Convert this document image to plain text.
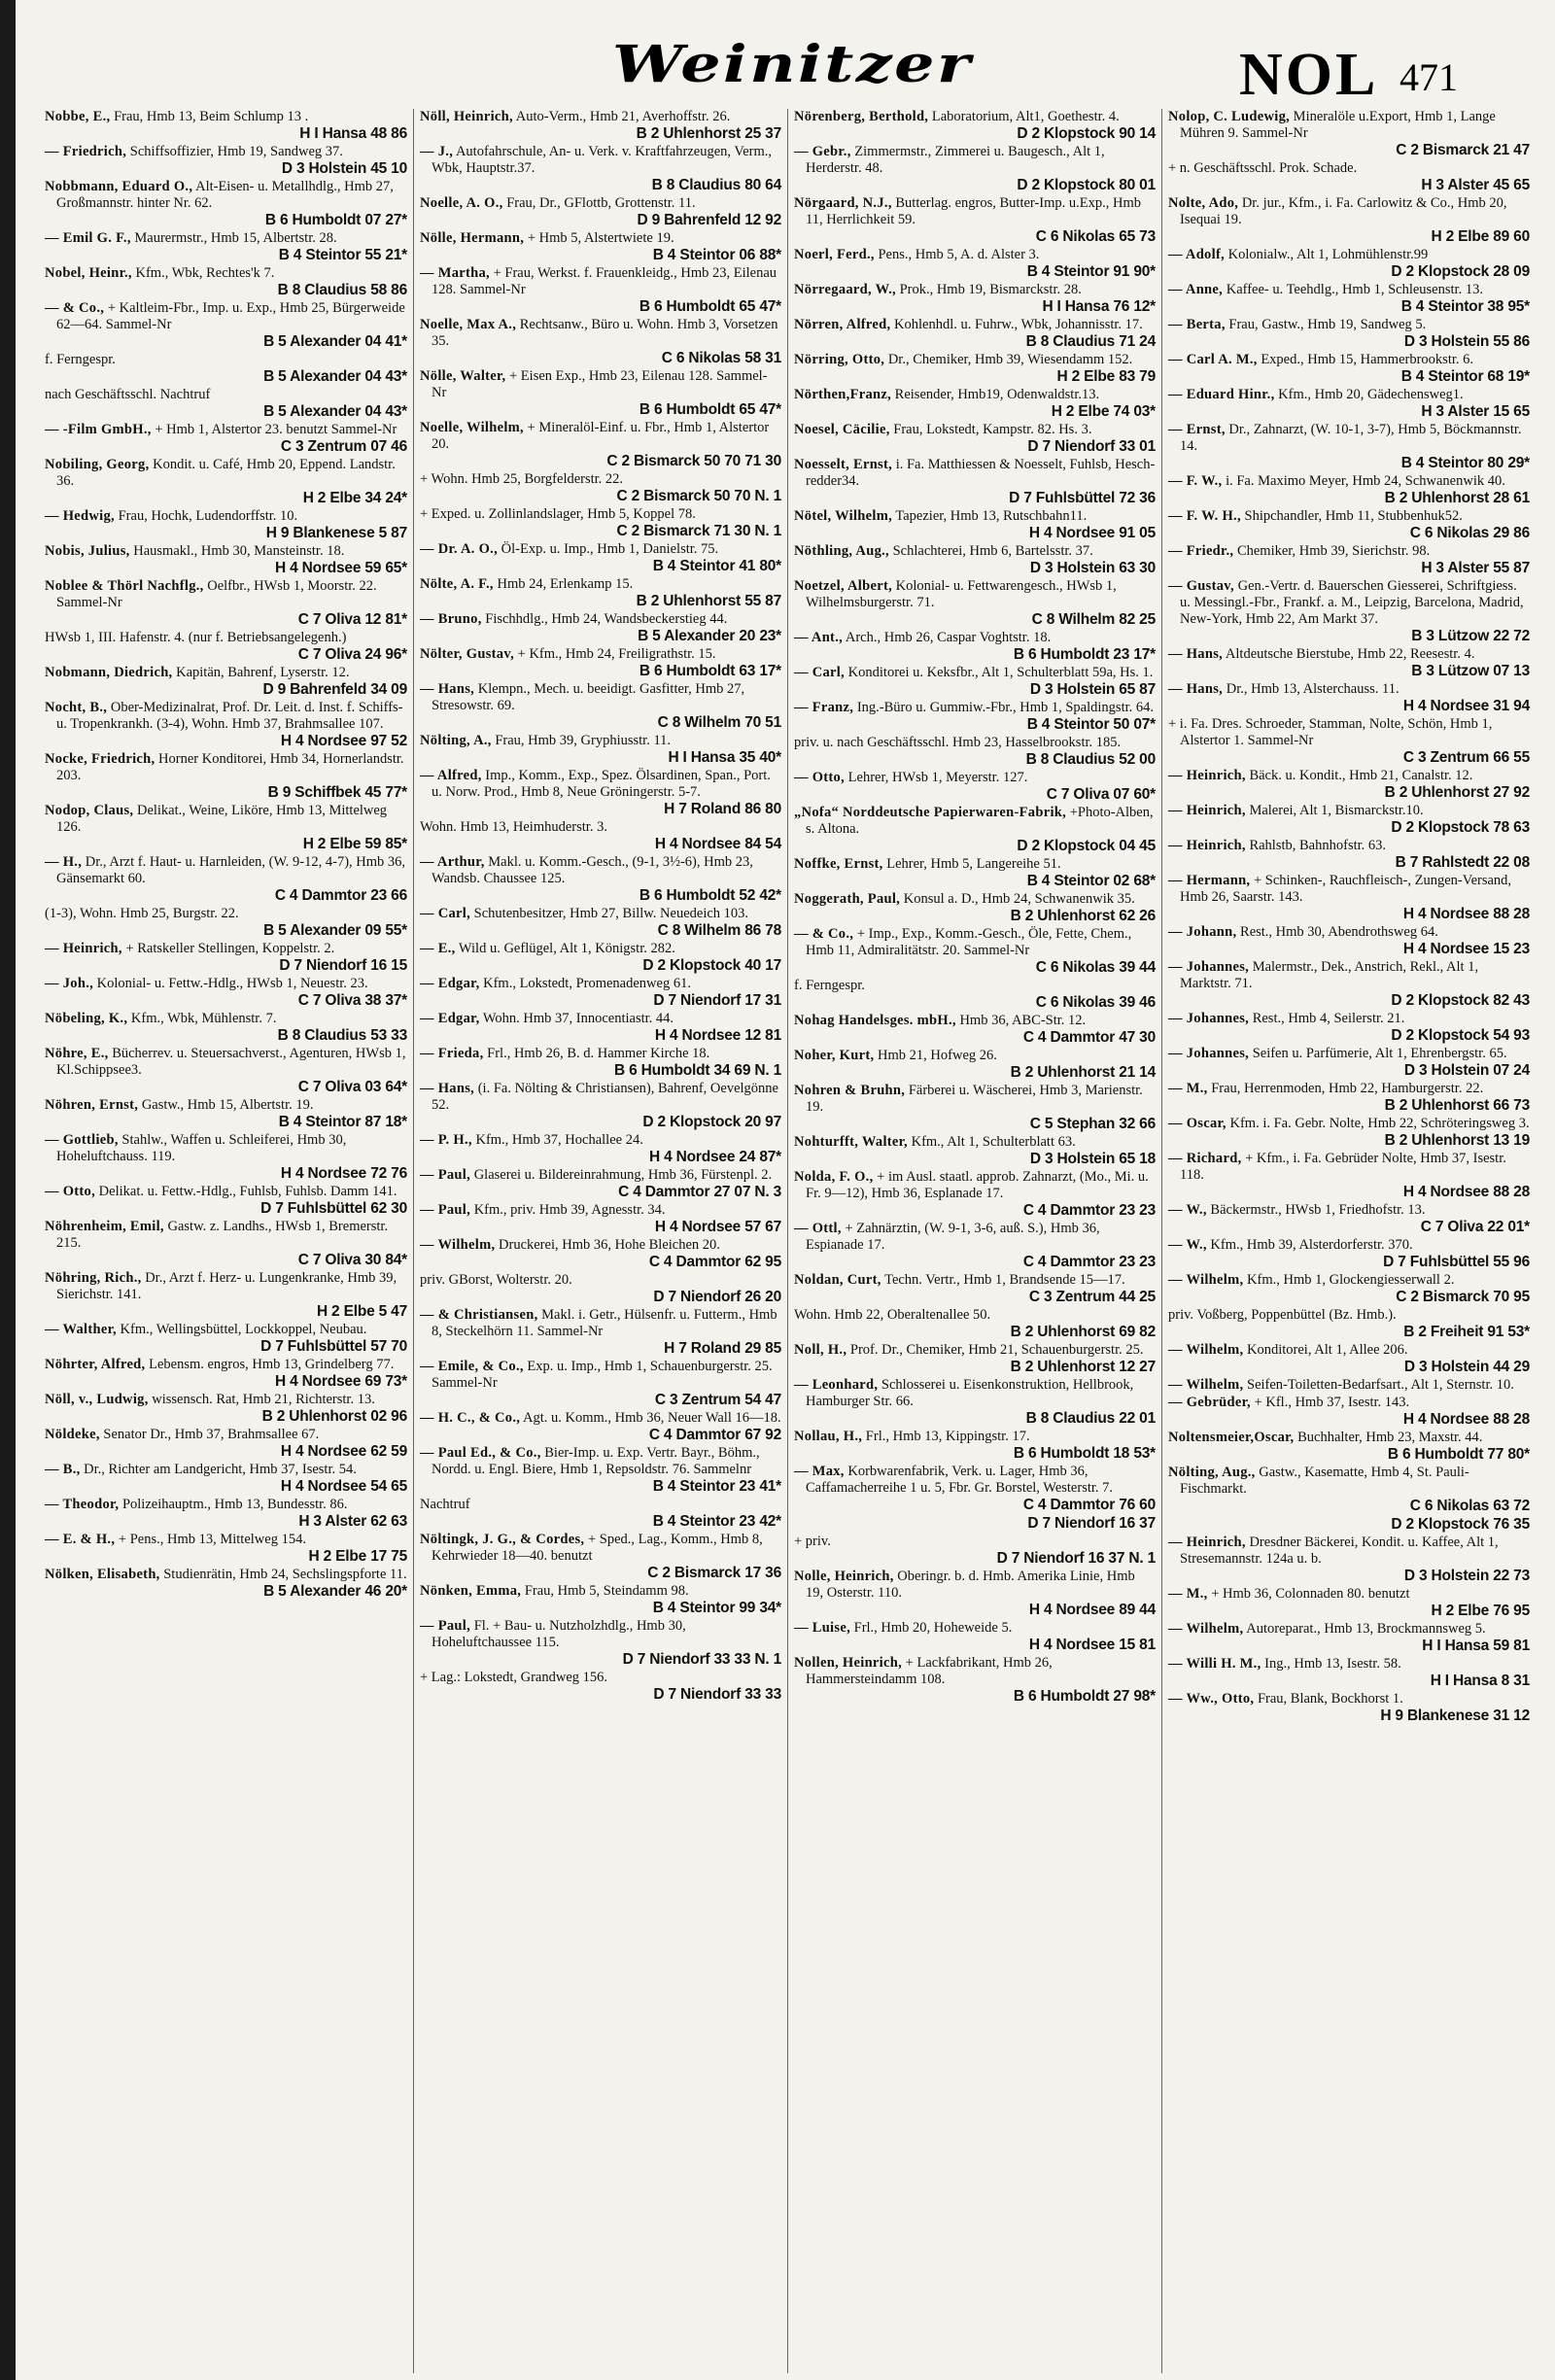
Weinitzer	NOL 471
Nobbe, E., Frau, Hmb 13, Beim Schlump 13 .
H I Hansa 48 86
— Friedrich, Schiffsoffizier, Hmb 19, Sandweg 37.
D 3 Holstein 45 10
Nobbmann, Eduard O., Alt-Eisen- u. Metallhdlg., Hmb 27, Großmannstr. hinter Nr. 62.
B 6 Humboldt 07 27*
— Emil G. F., Maurermstr., Hmb 15, Albertstr. 28.
B 4 Steintor 55 21*
Nobel, Heinr., Kfm., Wbk, Rechtes'k 7.
B 8 Claudius 58 86
— & Co., + Kaltleim-Fbr., Imp. u. Exp., Hmb 25, Bürgerweide 62—64. Sammel-Nr
B 5 Alexander 04 41*
f. Ferngespr.
B 5 Alexander 04 43*
nach Geschäftsschl. Nachtruf
B 5 Alexander 04 43*
— -Film GmbH., + Hmb 1, Alstertor 23. benutzt Sammel-Nr
C 3 Zentrum 07 46
Nobiling, Georg, Kondit. u. Café, Hmb 20, Eppend. Landstr. 36.
H 2 Elbe 34 24*
— Hedwig, Frau, Hochk, Ludendorffstr. 10.
H 9 Blankenese 5 87
Nobis, Julius, Hausmakl., Hmb 30, Mansteinstr. 18.
H 4 Nordsee 59 65*
Noblee & Thörl Nachflg., Oelfbr., HWsb 1, Moorstr. 22. Sammel-Nr
C 7 Oliva 12 81*
HWsb 1, III. Hafenstr. 4. (nur f. Betriebsangelegenh.)
C 7 Oliva 24 96*
Nobmann, Diedrich, Kapitän, Bahrenf, Lyserstr. 12.
D 9 Bahrenfeld 34 09
Nocht, B., Ober-Medizinalrat, Prof. Dr. Leit. d. Inst. f. Schiffs- u. Tropenkrankh. (3-4), Wohn. Hmb 37, Brahmsallee 107.
H 4 Nordsee 97 52
Nocke, Friedrich, Horner Konditorei, Hmb 34, Hornerlandstr. 203.
B 9 Schiffbek 45 77*
Nodop, Claus, Delikat., Weine, Liköre, Hmb 13, Mittelweg 126.
H 2 Elbe 59 85*
— H., Dr., Arzt f. Haut- u. Harnleiden, (W. 9-12, 4-7), Hmb 36, Gänsemarkt 60.
C 4 Dammtor 23 66
(1-3), Wohn. Hmb 25, Burgstr. 22.
B 5 Alexander 09 55*
— Heinrich, + Ratskeller Stellingen, Koppelstr. 2.
D 7 Niendorf 16 15
— Joh., Kolonial- u. Fettw.-Hdlg., HWsb 1, Neuestr. 23.
C 7 Oliva 38 37*
Nöbeling, K., Kfm., Wbk, Mühlenstr. 7.
B 8 Claudius 53 33
Nöhre, E., Bücherrev. u. Steuersachverst., Agenturen, HWsb 1, Kl.Schippsee3.
C 7 Oliva 03 64*
Nöhren, Ernst, Gastw., Hmb 15, Albertstr. 19.
B 4 Steintor 87 18*
— Gottlieb, Stahlw., Waffen u. Schleiferei, Hmb 30, Hoheluftchauss. 119.
H 4 Nordsee 72 76
— Otto, Delikat. u. Fettw.-Hdlg., Fuhlsb, Fuhlsb. Damm 141.
D 7 Fuhlsbüttel 62 30
Nöhrenheim, Emil, Gastw. z. Landhs., HWsb 1, Bremerstr. 215.
C 7 Oliva 30 84*
Nöhring, Rich., Dr., Arzt f. Herz- u. Lungenkranke, Hmb 39, Sierichstr. 141.
H 2 Elbe 5 47
— Walther, Kfm., Wellingsbüttel, Lockkoppel, Neubau.
D 7 Fuhlsbüttel 57 70
Nöhrter, Alfred, Lebensm. engros, Hmb 13, Grindelberg 77.
H 4 Nordsee 69 73*
Nöll, v., Ludwig, wissensch. Rat, Hmb 21, Richterstr. 13.
B 2 Uhlenhorst 02 96
Nöldeke, Senator Dr., Hmb 37, Brahmsallee 67.
H 4 Nordsee 62 59
— B., Dr., Richter am Landgericht, Hmb 37, Isestr. 54.
H 4 Nordsee 54 65
— Theodor, Polizeihauptm., Hmb 13, Bundesstr. 86.
H 3 Alster 62 63
— E. & H., + Pens., Hmb 13, Mittelweg 154.
H 2 Elbe 17 75
Nölken, Elisabeth, Studienrätin, Hmb 24, Sechslingspforte 11.
B 5 Alexander 46 20*
Nöll, Heinrich, Auto-Verm., Hmb 21, Averhoffstr. 26.
B 2 Uhlenhorst 25 37
— J., Autofahrschule, An- u. Verk. v. Kraftfahrzeugen, Verm., Wbk, Hauptstr.37.
B 8 Claudius 80 64
Noelle, A. O., Frau, Dr., GFlottb, Grottenstr. 11.
D 9 Bahrenfeld 12 92
Nölle, Hermann, + Hmb 5, Alstertwiete 19.
B 4 Steintor 06 88*
— Martha, + Frau, Werkst. f. Frauenkleidg., Hmb 23, Eilenau 128. Sammel-Nr
B 6 Humboldt 65 47*
Noelle, Max A., Rechtsanw., Büro u. Wohn. Hmb 3, Vorsetzen 35.
C 6 Nikolas 58 31
Nölle, Walter, + Eisen Exp., Hmb 23, Eilenau 128. Sammel-Nr
B 6 Humboldt 65 47*
Noelle, Wilhelm, + Mineralöl-Einf. u. Fbr., Hmb 1, Alstertor 20.
C 2 Bismarck 50 70 71 30
+ Wohn. Hmb 25, Borgfelderstr. 22.
C 2 Bismarck 50 70 N. 1
+ Exped. u. Zollinlandslager, Hmb 5, Koppel 78.
C 2 Bismarck 71 30 N. 1
— Dr. A. O., Öl-Exp. u. Imp., Hmb 1, Danielstr. 75.
B 4 Steintor 41 80*
Nölte, A. F., Hmb 24, Erlenkamp 15.
B 2 Uhlenhorst 55 87
— Bruno, Fischhdlg., Hmb 24, Wandsbeckerstieg 44.
B 5 Alexander 20 23*
Nölter, Gustav, + Kfm., Hmb 24, Freiligrathstr. 15.
B 6 Humboldt 63 17*
— Hans, Klempn., Mech. u. beeidigt. Gasfitter, Hmb 27, Stresowstr. 69.
C 8 Wilhelm 70 51
Nölting, A., Frau, Hmb 39, Gryphiusstr. 11.
H I Hansa 35 40*
— Alfred, Imp., Komm., Exp., Spez. Ölsardinen, Span., Port. u. Norw. Prod., Hmb 8, Neue Gröningerstr. 5-7.
H 7 Roland 86 80
Wohn. Hmb 13, Heimhuderstr. 3.
H 4 Nordsee 84 54
— Arthur, Makl. u. Komm.-Gesch., (9-1, 3½-6), Hmb 23, Wandsb. Chaussee 125.
B 6 Humboldt 52 42*
— Carl, Schutenbesitzer, Hmb 27, Billw. Neuedeich 103.
C 8 Wilhelm 86 78
— E., Wild u. Geflügel, Alt 1, Königstr. 282.
D 2 Klopstock 40 17
— Edgar, Kfm., Lokstedt, Promenadenweg 61.
D 7 Niendorf 17 31
— Edgar, Wohn. Hmb 37, Innocentiastr. 44.
H 4 Nordsee 12 81
— Frieda, Frl., Hmb 26, B. d. Hammer Kirche 18.
B 6 Humboldt 34 69 N. 1
— Hans, (i. Fa. Nölting & Christiansen), Bahrenf, Oevelgönne 52.
D 2 Klopstock 20 97
— P. H., Kfm., Hmb 37, Hochallee 24.
H 4 Nordsee 24 87*
— Paul, Glaserei u. Bildereinrahmung, Hmb 36, Fürstenpl. 2.
C 4 Dammtor 27 07 N. 3
— Paul, Kfm., priv. Hmb 39, Agnesstr. 34.
H 4 Nordsee 57 67
— Wilhelm, Druckerei, Hmb 36, Hohe Bleichen 20.
C 4 Dammtor 62 95
priv. GBorst, Wolterstr. 20.
D 7 Niendorf 26 20
— & Christiansen, Makl. i. Getr., Hülsenfr. u. Futterm., Hmb 8, Steckelhörn 11. Sammel-Nr
H 7 Roland 29 85
— Emile, & Co., Exp. u. Imp., Hmb 1, Schauenburgerstr. 25. Sammel-Nr
C 3 Zentrum 54 47
— H. C., & Co., Agt. u. Komm., Hmb 36, Neuer Wall 16—18.
C 4 Dammtor 67 92
— Paul Ed., & Co., Bier-Imp. u. Exp. Vertr. Bayr., Böhm., Nordd. u. Engl. Biere, Hmb 1, Repsoldstr. 76. Sammelnr
B 4 Steintor 23 41*
Nachtruf
B 4 Steintor 23 42*
Nöltingk, J. G., & Cordes, + Sped., Lag., Komm., Hmb 8, Kehrwieder 18—40. benutzt
C 2 Bismarck 17 36
Nönken, Emma, Frau, Hmb 5, Steindamm 98.
B 4 Steintor 99 34*
— Paul, Fl. + Bau- u. Nutzholzhdlg., Hmb 30, Hoheluftchaussee 115.
D 7 Niendorf 33 33 N. 1
+ Lag.: Lokstedt, Grandweg 156.
D 7 Niendorf 33 33
Nörenberg, Berthold, Laboratorium, Alt1, Goethestr. 4.
D 2 Klopstock 90 14
— Gebr., Zimmermstr., Zimmerei u. Baugesch., Alt 1, Herderstr. 48.
D 2 Klopstock 80 01
Nörgaard, N.J., Butterlag. engros, Butter-Imp. u.Exp., Hmb 11, Herrlichkeit 59.
C 6 Nikolas 65 73
Noerl, Ferd., Pens., Hmb 5, A. d. Alster 3.
B 4 Steintor 91 90*
Nörregaard, W., Prok., Hmb 19, Bismarckstr. 28.
H I Hansa 76 12*
Nörren, Alfred, Kohlenhdl. u. Fuhrw., Wbk, Johannisstr. 17.
B 8 Claudius 71 24
Nörring, Otto, Dr., Chemiker, Hmb 39, Wiesendamm 152.
H 2 Elbe 83 79
Nörthen,Franz, Reisender, Hmb19, Odenwaldstr.13.
H 2 Elbe 74 03*
Noesel, Cäcilie, Frau, Lokstedt, Kampstr. 82. Hs. 3.
D 7 Niendorf 33 01
Noesselt, Ernst, i. Fa. Matthiessen & Noesselt, Fuhlsb, Hesch-redder34.
D 7 Fuhlsbüttel 72 36
Nötel, Wilhelm, Tapezier, Hmb 13, Rutschbahn11.
H 4 Nordsee 91 05
Nöthling, Aug., Schlachterei, Hmb 6, Bartelsstr. 37.
D 3 Holstein 63 30
Noetzel, Albert, Kolonial- u. Fettwarengesch., HWsb 1, Wilhelmsburgerstr. 71.
C 8 Wilhelm 82 25
— Ant., Arch., Hmb 26, Caspar Voghtstr. 18.
B 6 Humboldt 23 17*
— Carl, Konditorei u. Keksfbr., Alt 1, Schulterblatt 59a, Hs. 1.
D 3 Holstein 65 87
— Franz, Ing.-Büro u. Gummiw.-Fbr., Hmb 1, Spaldingstr. 64.
B 4 Steintor 50 07*
priv. u. nach Geschäftsschl. Hmb 23, Hasselbrookstr. 185.
B 8 Claudius 52 00
— Otto, Lehrer, HWsb 1, Meyerstr. 127.
C 7 Oliva 07 60*
„Nofa“ Norddeutsche Papierwaren-Fabrik, +Photo-Alben, s. Altona.
D 2 Klopstock 04 45
Noffke, Ernst, Lehrer, Hmb 5, Langereihe 51.
B 4 Steintor 02 68*
Noggerath, Paul, Konsul a. D., Hmb 24, Schwanenwik 35.
B 2 Uhlenhorst 62 26
— & Co., + Imp., Exp., Komm.-Gesch., Öle, Fette, Chem., Hmb 11, Admiralitätstr. 20. Sammel-Nr
C 6 Nikolas 39 44
f. Ferngespr.
C 6 Nikolas 39 46
Nohag Handelsges. mbH., Hmb 36, ABC-Str. 12.
C 4 Dammtor 47 30
Noher, Kurt, Hmb 21, Hofweg 26.
B 2 Uhlenhorst 21 14
Nohren & Bruhn, Färberei u. Wäscherei, Hmb 3, Marienstr. 19.
C 5 Stephan 32 66
Nohturfft, Walter, Kfm., Alt 1, Schulterblatt 63.
D 3 Holstein 65 18
Nolda, F. O., + im Ausl. staatl. approb. Zahnarzt, (Mo., Mi. u. Fr. 9—12), Hmb 36, Esplanade 17.
C 4 Dammtor 23 23
— Ottl, + Zahnärztin, (W. 9-1, 3-6, auß. S.), Hmb 36, Espianade 17.
C 4 Dammtor 23 23
Noldan, Curt, Techn. Vertr., Hmb 1, Brandsende 15—17.
C 3 Zentrum 44 25
Wohn. Hmb 22, Oberaltenallee 50.
B 2 Uhlenhorst 69 82
Noll, H., Prof. Dr., Chemiker, Hmb 21, Schauenburgerstr. 25.
B 2 Uhlenhorst 12 27
— Leonhard, Schlosserei u. Eisenkonstruktion, Hellbrook, Hamburger Str. 66.
B 8 Claudius 22 01
Nollau, H., Frl., Hmb 13, Kippingstr. 17.
B 6 Humboldt 18 53*
— Max, Korbwarenfabrik, Verk. u. Lager, Hmb 36, Caffamacherreihe 1 u. 5, Fbr. Gr. Borstel, Westerstr. 7.
C 4 Dammtor 76 60
D 7 Niendorf 16 37
+ priv.
D 7 Niendorf 16 37 N. 1
Nolle, Heinrich, Oberingr. b. d. Hmb. Amerika Linie, Hmb 19, Osterstr. 110.
H 4 Nordsee 89 44
— Luise, Frl., Hmb 20, Hoheweide 5.
H 4 Nordsee 15 81
Nollen, Heinrich, + Lackfabrikant, Hmb 26, Hammersteindamm 108.
B 6 Humboldt 27 98*
Nolop, C. Ludewig, Mineralöle u.Export, Hmb 1, Lange Mühren 9. Sammel-Nr
C 2 Bismarck 21 47
+ n. Geschäftsschl. Prok. Schade.
H 3 Alster 45 65
Nolte, Ado, Dr. jur., Kfm., i. Fa. Carlowitz & Co., Hmb 20, Isequai 19.
H 2 Elbe 89 60
— Adolf, Kolonialw., Alt 1, Lohmühlenstr.99
D 2 Klopstock 28 09
— Anne, Kaffee- u. Teehdlg., Hmb 1, Schleusenstr. 13.
B 4 Steintor 38 95*
— Berta, Frau, Gastw., Hmb 19, Sandweg 5.
D 3 Holstein 55 86
— Carl A. M., Exped., Hmb 15, Hammerbrookstr. 6.
B 4 Steintor 68 19*
— Eduard Hinr., Kfm., Hmb 20, Gädechensweg1.
H 3 Alster 15 65
— Ernst, Dr., Zahnarzt, (W. 10-1, 3-7), Hmb 5, Böckmannstr. 14.
B 4 Steintor 80 29*
— F. W., i. Fa. Maximo Meyer, Hmb 24, Schwanenwik 40.
B 2 Uhlenhorst 28 61
— F. W. H., Shipchandler, Hmb 11, Stubbenhuk52.
C 6 Nikolas 29 86
— Friedr., Chemiker, Hmb 39, Sierichstr. 98.
H 3 Alster 55 87
— Gustav, Gen.-Vertr. d. Bauerschen Giesserei, Schriftgiess. u. Messingl.-Fbr., Frankf. a. M., Leipzig, Barcelona, Madrid, New-York, Hmb 22, Am Markt 37.
B 3 Lützow 22 72
— Hans, Altdeutsche Bierstube, Hmb 22, Reesestr. 4.
B 3 Lützow 07 13
— Hans, Dr., Hmb 13, Alsterchauss. 11.
H 4 Nordsee 31 94
+ i. Fa. Dres. Schroeder, Stamman, Nolte, Schön, Hmb 1, Alstertor 1. Sammel-Nr
C 3 Zentrum 66 55
— Heinrich, Bäck. u. Kondit., Hmb 21, Canalstr. 12.
B 2 Uhlenhorst 27 92
— Heinrich, Malerei, Alt 1, Bismarckstr.10.
D 2 Klopstock 78 63
— Heinrich, Rahlstb, Bahnhofstr. 63.
B 7 Rahlstedt 22 08
— Hermann, + Schinken-, Rauchfleisch-, Zungen-Versand, Hmb 26, Saarstr. 143.
H 4 Nordsee 88 28
— Johann, Rest., Hmb 30, Abendrothsweg 64.
H 4 Nordsee 15 23
— Johannes, Malermstr., Dek., Anstrich, Rekl., Alt 1, Marktstr. 71.
D 2 Klopstock 82 43
— Johannes, Rest., Hmb 4, Seilerstr. 21.
D 2 Klopstock 54 93
— Johannes, Seifen u. Parfümerie, Alt 1, Ehrenbergstr. 65.
D 3 Holstein 07 24
— M., Frau, Herrenmoden, Hmb 22, Hamburgerstr. 22.
B 2 Uhlenhorst 66 73
— Oscar, Kfm. i. Fa. Gebr. Nolte, Hmb 22, Schröteringsweg 3.
B 2 Uhlenhorst 13 19
— Richard, + Kfm., i. Fa. Gebrüder Nolte, Hmb 37, Isestr. 118.
H 4 Nordsee 88 28
— W., Bäckermstr., HWsb 1, Friedhofstr. 13.
C 7 Oliva 22 01*
— W., Kfm., Hmb 39, Alsterdorferstr. 370.
D 7 Fuhlsbüttel 55 96
— Wilhelm, Kfm., Hmb 1, Glockengiesserwall 2.
C 2 Bismarck 70 95
priv. Voßberg, Poppenbüttel (Bz. Hmb.).
B 2 Freiheit 91 53*
— Wilhelm, Konditorei, Alt 1, Allee 206.
D 3 Holstein 44 29
— Wilhelm, Seifen-Toiletten-Bedarfsart., Alt 1, Sternstr. 10.
— Gebrüder, + Kfl., Hmb 37, Isestr. 143.
H 4 Nordsee 88 28
Noltensmeier,Oscar, Buchhalter, Hmb 23, Maxstr. 44.
B 6 Humboldt 77 80*
Nölting, Aug., Gastw., Kasematte, Hmb 4, St. Pauli-Fischmarkt.
C 6 Nikolas 63 72
D 2 Klopstock 76 35
— Heinrich, Dresdner Bäckerei, Kondit. u. Kaffee, Alt 1, Stresemannstr. 124a u. b.
D 3 Holstein 22 73
— M., + Hmb 36, Colonnaden 80. benutzt
H 2 Elbe 76 95
— Wilhelm, Autoreparat., Hmb 13, Brockmannsweg 5.
H I Hansa 59 81
— Willi H. M., Ing., Hmb 13, Isestr. 58.
H I Hansa 8 31
— Ww., Otto, Frau, Blank, Bockhorst 1.
H 9 Blankenese 31 12
